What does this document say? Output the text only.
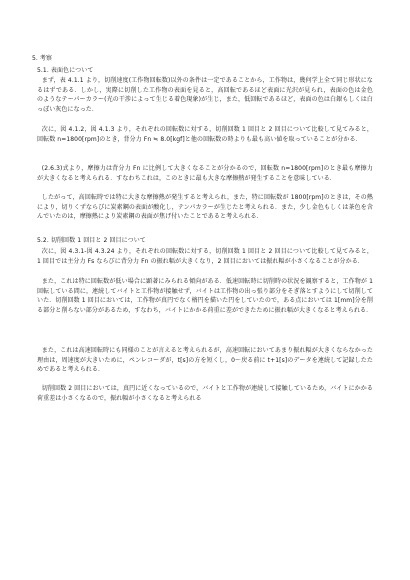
5. 考察
5.1. 表面色について

まず，表 4.1.1 より，切削速度(工作物回転数)以外の条件は一定であることから，工作物は，幾何学上全て同じ形状になるはずである．しかし，実際に切削した工作物の表面を見ると，高回転であるほど表面に光沢が見られ，表面の色は金色のようなテーパーカラー(光の干渉によって生じる着色現象)が生じ，また，低回転であるほど，表面の色は白銀もしくは白っぽい灰色になった．

次に，図 4.1.2，図 4.1.3 より，それぞれの回転数に対する，切削回数 1 回目と 2 回目について比較して見てみると，回転数 n=1800[rpm]のとき，背分力 Fn ≒ 8.0[kgf]と他の回転数の時よりも最も高い値を取っていることが分かる．

(2.6.3)式より，摩擦力は背分力 Fn に比例して大きくなることが分かるので，回転数 n=1800[rpm]のとき最も摩擦力が大きくなると考えられる．すなわちこれは，このときに最も大きな摩擦熱が発生することを意味している．

したがって，高回転時では特に大きな摩擦熱が発生すると考えられ，また，特に回転数が 1800[rpm]のときは，その熱により，切りくずならびに炭素鋼の表面が酸化し，テンパカラーが生じたと考えられる．また，少し金色もしくは茶色を含んでいたのは，摩擦熱により炭素鋼の表面が焦げ付いたことであると考えられる．

5.2. 切削回数 1 回目と 2 回目について

次に，図 4.3.1-図 4.3.24 より，それぞれの回転数に対する，切削回数 1 回目と 2 回目について比較して見てみると，1 回目では主分力 Fs ならびに背分力 Fn の振れ幅が大きくなり，2 回目においては振れ幅が小さくなることが分かる．

また，これは特に回転数が低い場合に顕著にみられる傾向がある．低速回転時に切削時の状況を観察すると，工作物が 1 回転している間に，連続してバイトと工作物が接触せず，バイトは工作物の出っ張り部分をそぎ落とすようにして切削していた．切削回数 1 回目においては，工作物が真円でなく楕円を描いた円をしていたので，ある点においては 1[mm]分を削る部分と削らない部分があるため，すなわち，バイトにかかる荷重に差ができたために振れ幅が大きくなると考えられる．

また，これは高速回転時にも同様のことが言えると考えられるが，高速回転においてあまり振れ幅が大きくならなかった理由は，周速度が大きいために，ペンレコーダが，t[s]の方を短くし，0～戻る前に t+1[s]のデータを連続して記録したためであると考えられる．

切削回数 2 回目においては，真円に近くなっているので，バイトと工作物が連続して接触しているため，バイトにかかる荷重差は小さくなるので，振れ幅が小さくなると考えられる
